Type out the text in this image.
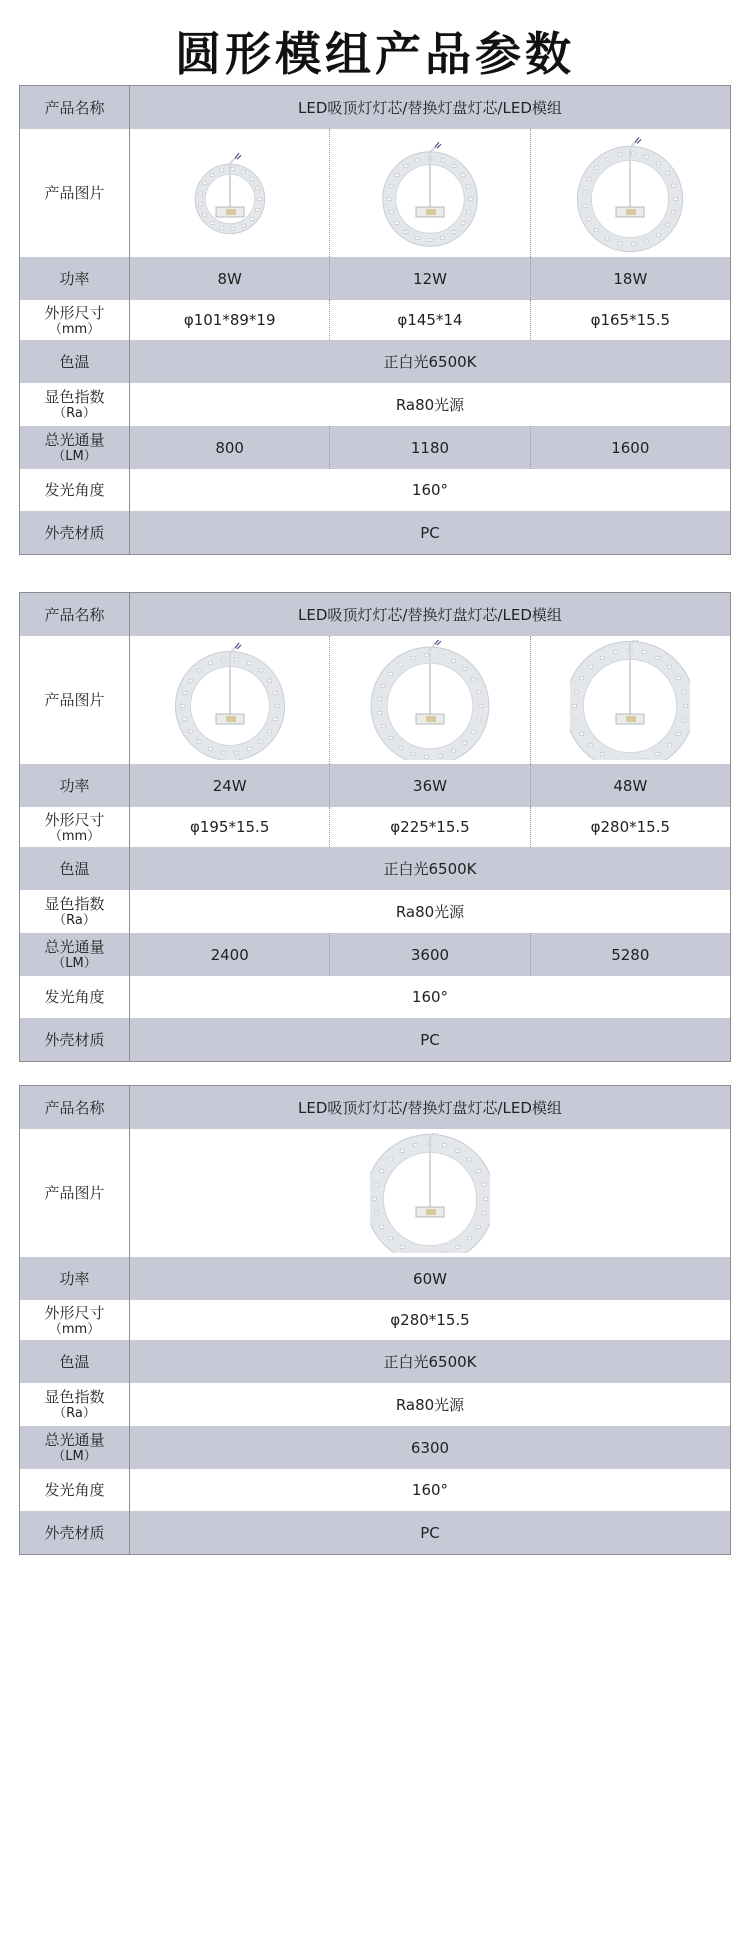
圆形模组产品参数
产品名称	LED吸顶灯灯芯/替换灯盘灯芯/LED模组
产品图片
功率	8W	12W	18W
外形尺寸
（mm）	φ101*89*19	φ145*14	φ165*15.5
色温	正白光6500K
显色指数
（Ra）	Ra80光源
总光通量
（LM）	800	1180	1600
发光角度	160°
外壳材质	PC
产品名称	LED吸顶灯灯芯/替换灯盘灯芯/LED模组
产品图片
功率	24W	36W	48W
外形尺寸
（mm）	φ195*15.5	φ225*15.5	φ280*15.5
色温	正白光6500K
显色指数
（Ra）	Ra80光源
总光通量
（LM）	2400	3600	5280
发光角度	160°
外壳材质	PC
产品名称	LED吸顶灯灯芯/替换灯盘灯芯/LED模组
产品图片
功率	60W
外形尺寸
（mm）	φ280*15.5
色温	正白光6500K
显色指数
（Ra）	Ra80光源
总光通量
（LM）	6300
发光角度	160°
外壳材质	PC
